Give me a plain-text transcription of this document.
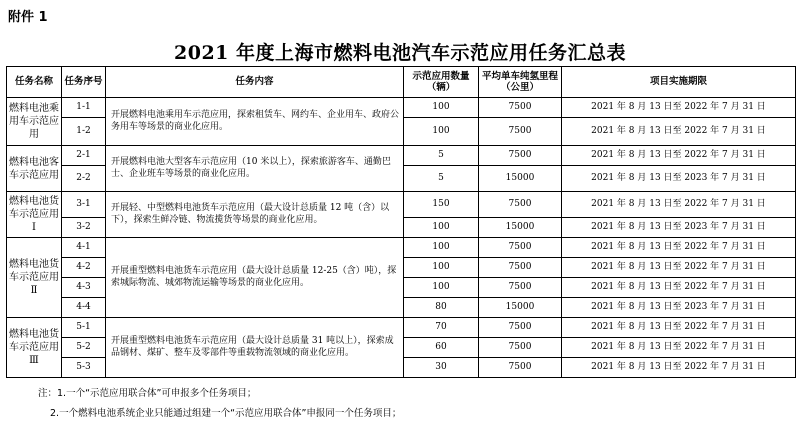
附件 1
2021 年度上海市燃料电池汽车示范应用任务汇总表
任务名称	任务序号	任务内容	示范应用数量（辆）	平均单车纯氢里程（公里）	项目实施期限
燃料电池乘用车示范应用	1-1	开展燃料电池乘用车示范应用，探索租赁车、网约车、企业用车、政府公务用车等场景的商业化应用。	100	7500	2021 年 8 月 13 日至 2022 年 7 月 31 日
	1-2		100	7500	2021 年 8 月 13 日至 2022 年 7 月 31 日
燃料电池客车示范应用	2-1	开展燃料电池大型客车示范应用（10 米以上），探索旅游客车、通勤巴士、企业班车等场景的商业化应用。	5	7500	2021 年 8 月 13 日至 2022 年 7 月 31 日
	2-2		5	15000	2021 年 8 月 13 日至 2023 年 7 月 31 日
燃料电池货车示范应用Ⅰ	3-1	开展轻、中型燃料电池货车示范应用（最大设计总质量 12 吨（含）以下），探索生鲜冷链、物流揽货等场景的商业化应用。	150	7500	2021 年 8 月 13 日至 2022 年 7 月 31 日
	3-2		100	15000	2021 年 8 月 13 日至 2023 年 7 月 31 日
燃料电池货车示范应用Ⅱ	4-1	开展重型燃料电池货车示范应用（最大设计总质量 12-25（含）吨），探索城际物流、城郊物流运输等场景的商业化应用。	100	7500	2021 年 8 月 13 日至 2022 年 7 月 31 日
	4-2		100	7500	2021 年 8 月 13 日至 2022 年 7 月 31 日
	4-3		100	7500	2021 年 8 月 13 日至 2022 年 7 月 31 日
	4-4		80	15000	2021 年 8 月 13 日至 2023 年 7 月 31 日
燃料电池货车示范应用Ⅲ	5-1	开展重型燃料电池货车示范应用（最大设计总质量 31 吨以上），探索成品钢材、煤矿、整车及零部件等重载物流领域的商业化应用。	70	7500	2021 年 8 月 13 日至 2022 年 7 月 31 日
	5-2		60	7500	2021 年 8 月 13 日至 2022 年 7 月 31 日
	5-3		30	7500	2021 年 8 月 13 日至 2022 年 7 月 31 日
注：1.一个“示范应用联合体”可申报多个任务项目；
2.一个燃料电池系统企业只能通过组建一个“示范应用联合体”申报同一个任务项目；
